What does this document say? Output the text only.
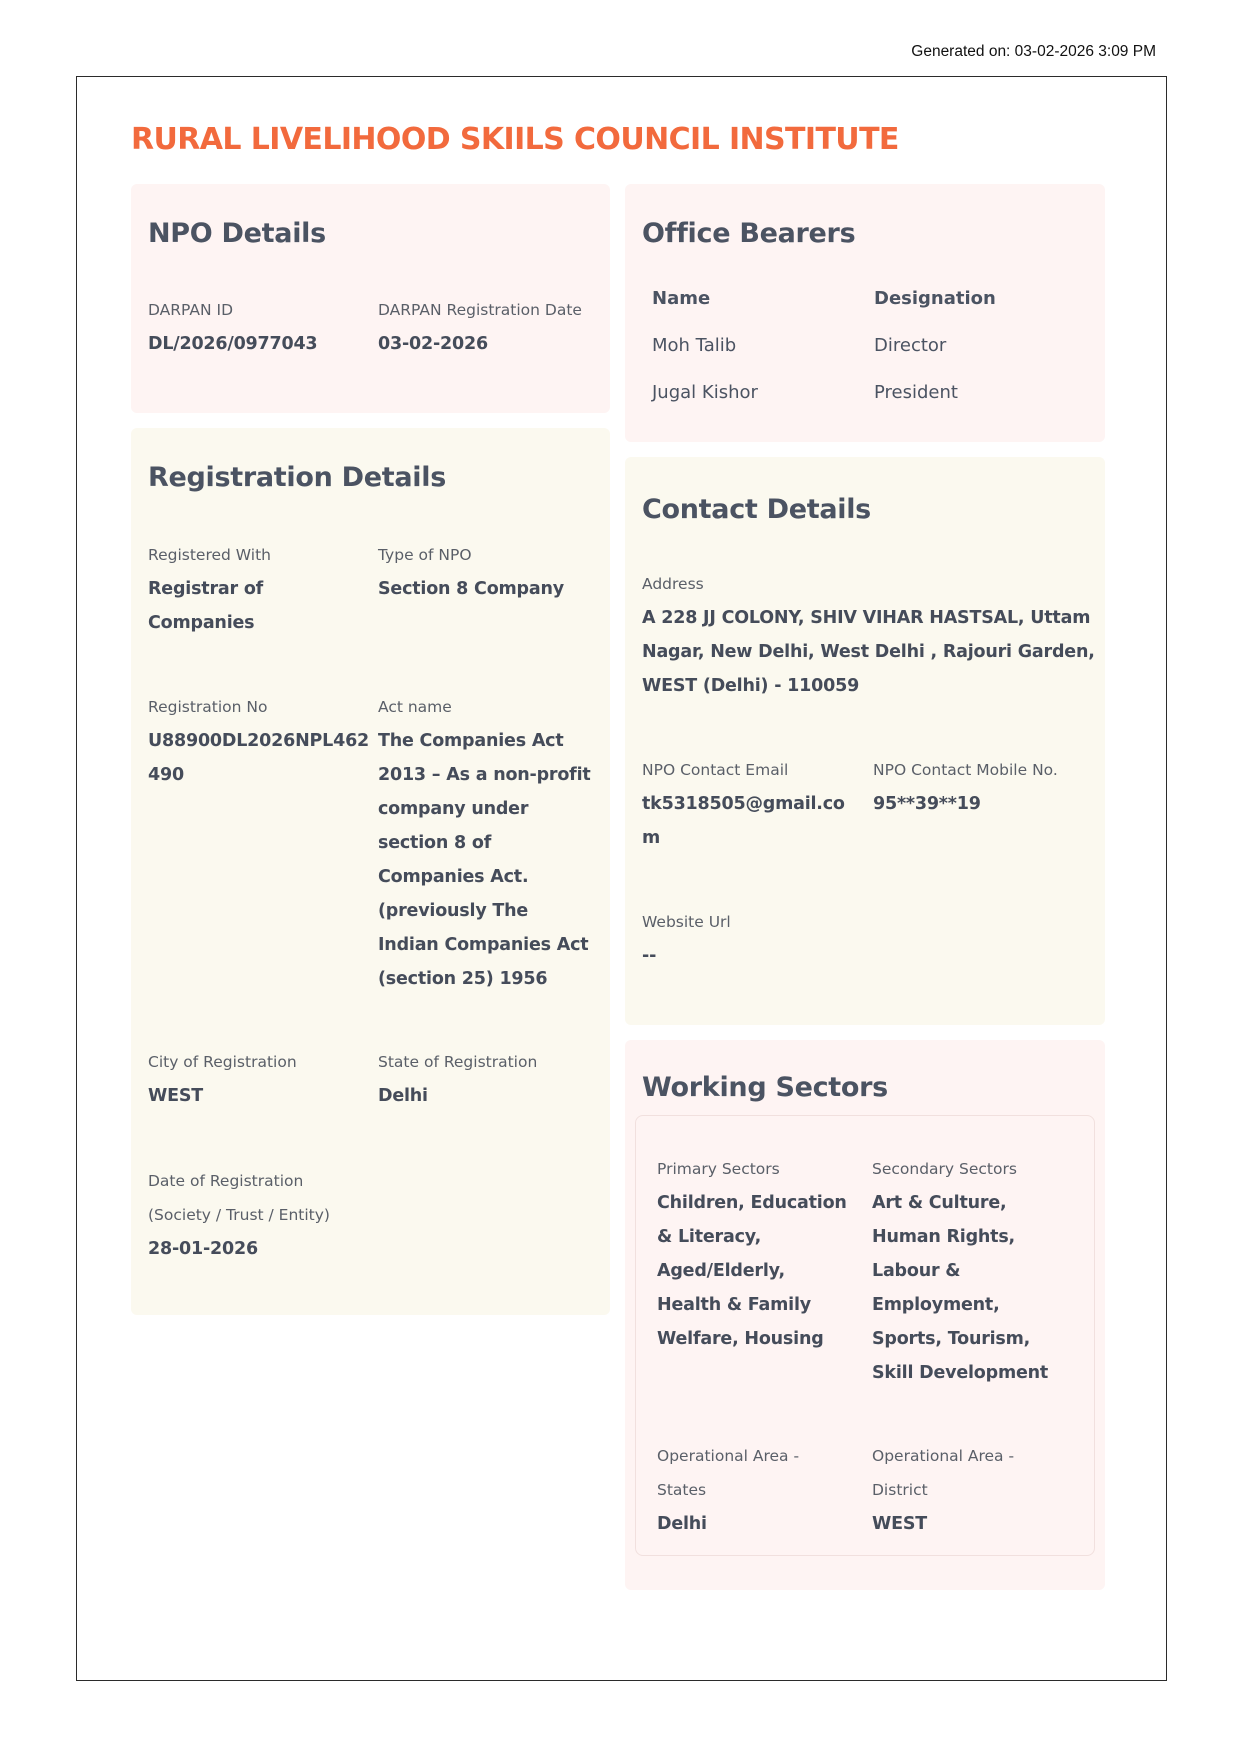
Generated on: 03-02-2026 3:09 PM
RURAL LIVELIHOOD SKIILS COUNCIL INSTITUTE
NPO Details
DARPAN ID
DL/2026/0977043
DARPAN Registration Date
03-02-2026
Registration Details
Registered With
Registrar of
Companies
Type of NPO
Section 8 Company
Registration No
U88900DL2026NPL462
490
Act name
The Companies Act
2013 – As a non-profit
company under
section 8 of
Companies Act.
(previously The
Indian Companies Act
(section 25) 1956
City of Registration
WEST
State of Registration
Delhi
Date of Registration
(Society / Trust / Entity)
28-01-2026
Office Bearers
Name	Designation
Moh Talib	Director
Jugal Kishor	President
Contact Details
Address
A 228 JJ COLONY, SHIV VIHAR HASTSAL, Uttam
Nagar, New Delhi, West Delhi , Rajouri Garden,
WEST (Delhi) - 110059
NPO Contact Email
tk5318505@gmail.co
m
NPO Contact Mobile No.
95**39**19
Website Url
--
Working Sectors
Primary Sectors
Children, Education
& Literacy,
Aged/Elderly,
Health & Family
Welfare, Housing
Secondary Sectors
Art & Culture,
Human Rights,
Labour &
Employment,
Sports, Tourism,
Skill Development
Operational Area -
States
Delhi
Operational Area -
District
WEST
